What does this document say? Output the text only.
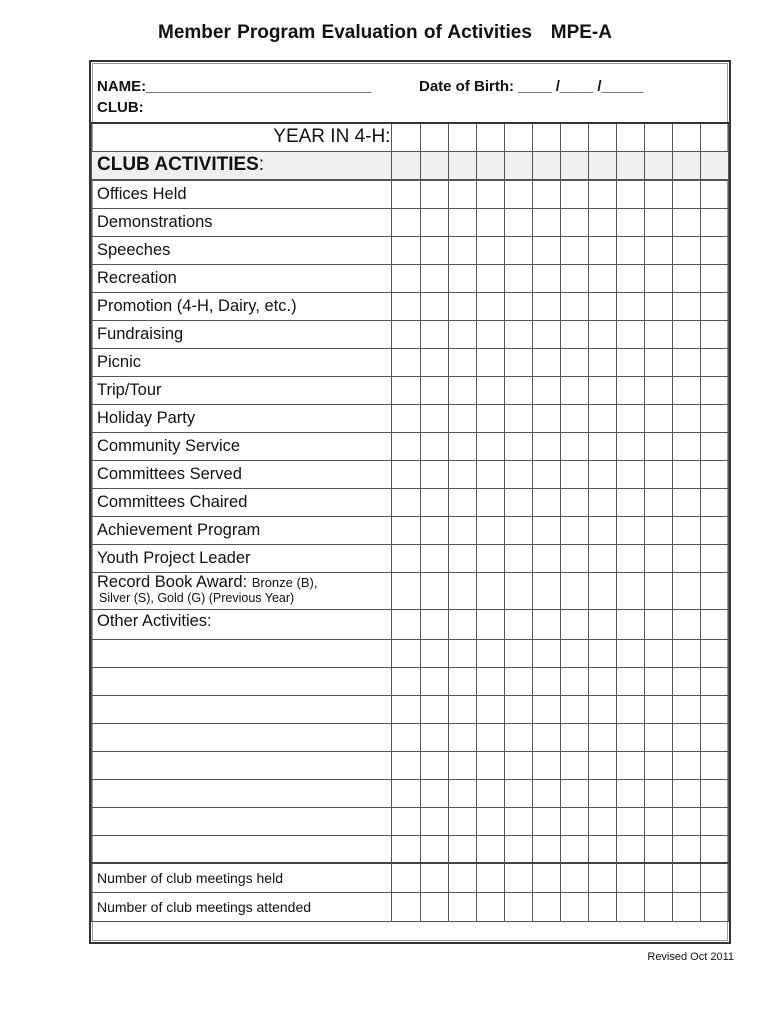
Member Program Evaluation of Activities   MPE-A
NAME:___________________________	Date of Birth: ____ /____ /_____
CLUB:
YEAR IN 4-H:												
CLUB ACTIVITIES:												
Offices Held												
Demonstrations												
Speeches												
Recreation												
Promotion (4-H, Dairy, etc.)												
Fundraising												
Picnic												
Trip/Tour												
Holiday Party												
Community Service												
Committees Served												
Committees Chaired												
Achievement Program												
Youth Project Leader												
Record Book Award: Bronze (B),
Silver (S), Gold (G) (Previous Year)												
Other Activities:												

Number of club meetings held												
Number of club meetings attended												
Revised Oct 2011
